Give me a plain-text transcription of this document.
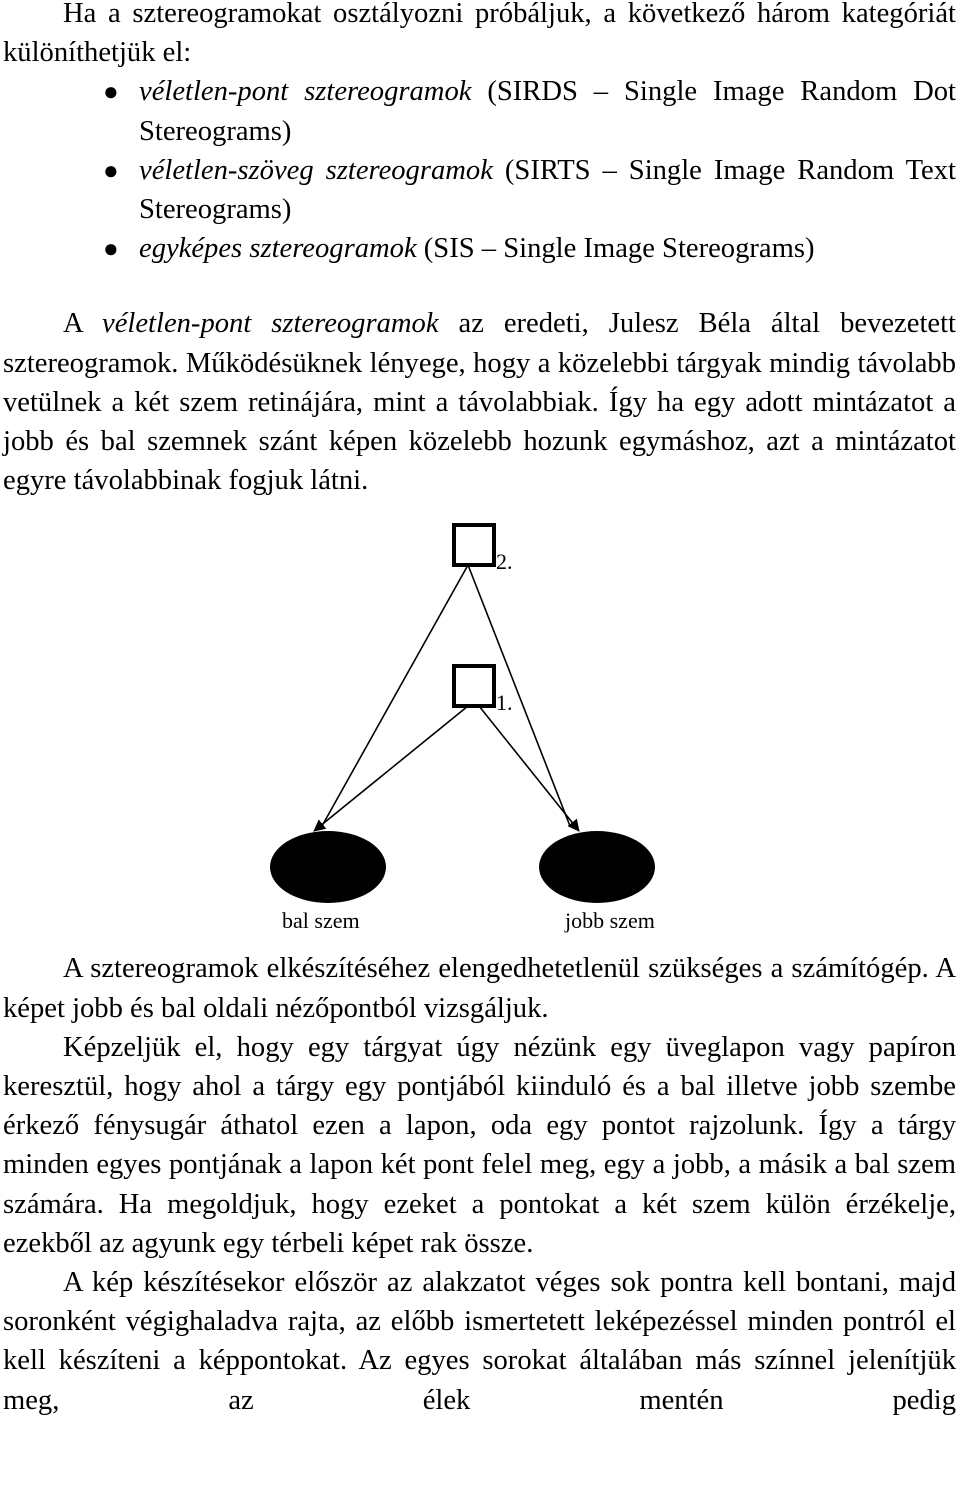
Ha a sztereogramokat osztályozni próbáljuk, a következő három kategóriát különíthetjük el:

● véletlen-pont sztereogramok (SIRDS – Single Image Random Dot Stereograms)
● véletlen-szöveg sztereogramok (SIRTS – Single Image Random Text Stereograms)
● egyképes sztereogramok (SIS – Single Image Stereograms)

A véletlen-pont sztereogramok az eredeti, Julesz Béla által bevezetett sztereogramok. Működésüknek lényege, hogy a közelebbi tárgyak mindig távolabb vetülnek a két szem retinájára, mint a távolabbiak. Így ha egy adott mintázatot a jobb és bal szemnek szánt képen közelebb hozunk egymáshoz, azt a mintázatot egyre távolabbinak fogjuk látni.

2.
1.
bal szem	jobb szem

A sztereogramok elkészítéséhez elengedhetetlenül szükséges a számítógép. A képet jobb és bal oldali nézőpontból vizsgáljuk.

Képzeljük el, hogy egy tárgyat úgy nézünk egy üveglapon vagy papíron keresztül, hogy ahol a tárgy egy pontjából kiinduló és a bal illetve jobb szembe érkező fénysugár áthatol ezen a lapon, oda egy pontot rajzolunk. Így a tárgy minden egyes pontjának a lapon két pont felel meg, egy a jobb, a másik a bal szem számára. Ha megoldjuk, hogy ezeket a pontokat a két szem külön érzékelje, ezekből az agyunk egy térbeli képet rak össze.

A kép készítésekor először az alakzatot véges sok pontra kell bontani, majd soronként végighaladva rajta, az előbb ismertetett leképezéssel minden pontról el kell készíteni a képpontokat. Az egyes sorokat általában más színnel jelenítjük meg, az élek mentén pedig
